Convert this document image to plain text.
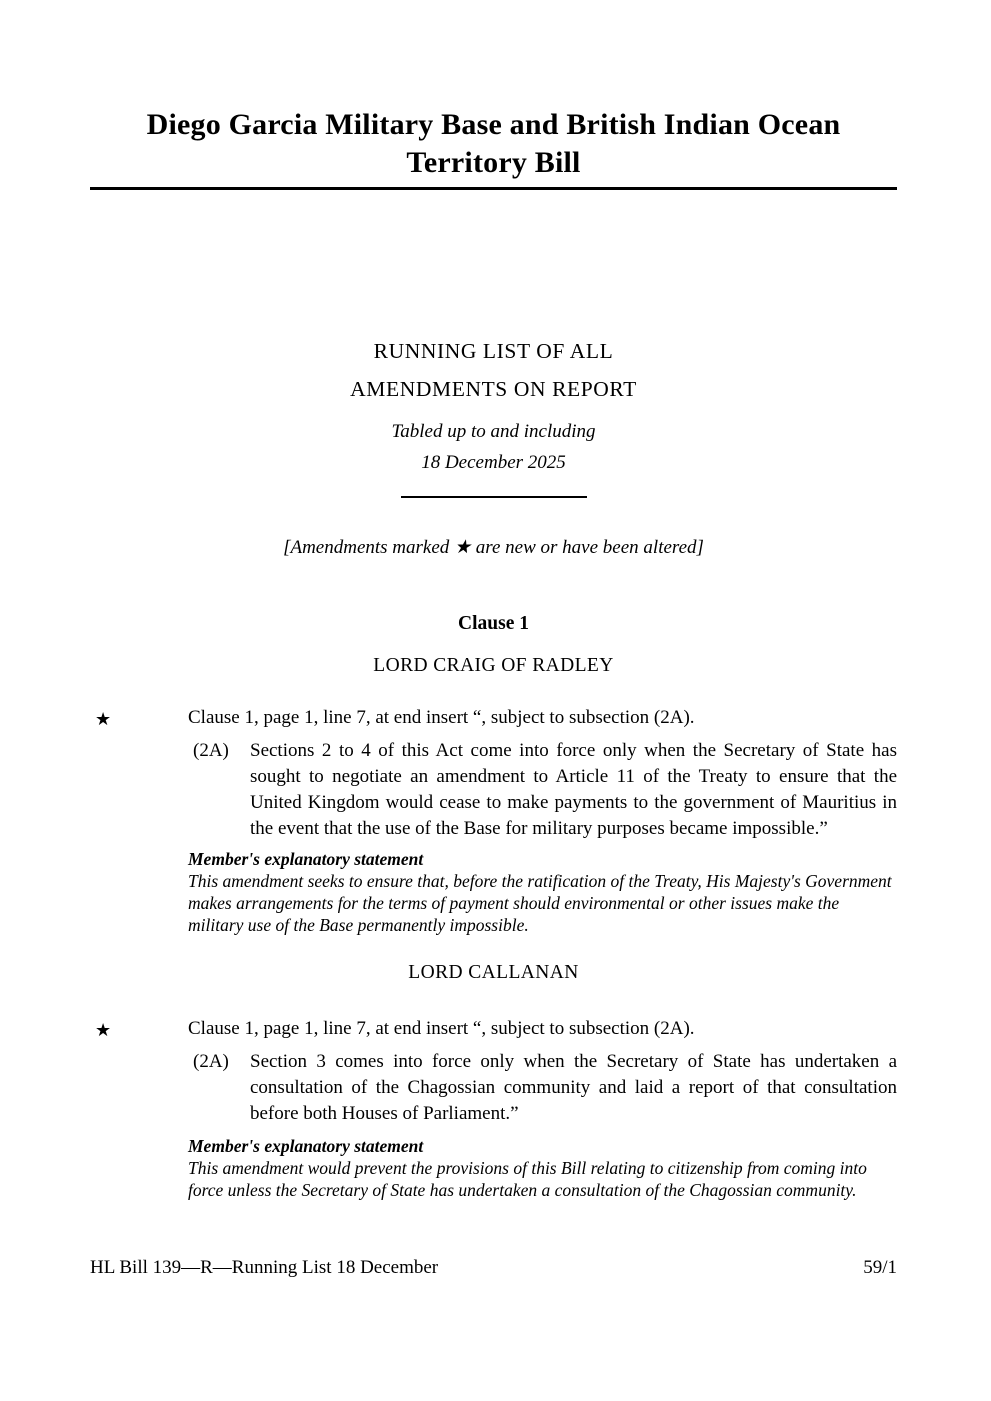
Diego Garcia Military Base and British Indian Ocean
Territory Bill
RUNNING LIST OF ALL
AMENDMENTS ON REPORT
Tabled up to and including
18 December 2025
[Amendments marked ★ are new or have been altered]
Clause 1
LORD CRAIG OF RADLEY
★	Clause 1, page 1, line 7, at end insert “, subject to subsection (2A).
(2A)	Sections 2 to 4 of this Act come into force only when the Secretary of State has sought to negotiate an amendment to Article 11 of the Treaty to ensure that the United Kingdom would cease to make payments to the government of Mauritius in the event that the use of the Base for military purposes became impossible.”
Member's explanatory statement
This amendment seeks to ensure that, before the ratification of the Treaty, His Majesty's Government makes arrangements for the terms of payment should environmental or other issues make the military use of the Base permanently impossible.
LORD CALLANAN
★	Clause 1, page 1, line 7, at end insert “, subject to subsection (2A).
(2A)	Section 3 comes into force only when the Secretary of State has undertaken a consultation of the Chagossian community and laid a report of that consultation before both Houses of Parliament.”
Member's explanatory statement
This amendment would prevent the provisions of this Bill relating to citizenship from coming into force unless the Secretary of State has undertaken a consultation of the Chagossian community.
HL Bill 139—R—Running List 18 December	59/1
